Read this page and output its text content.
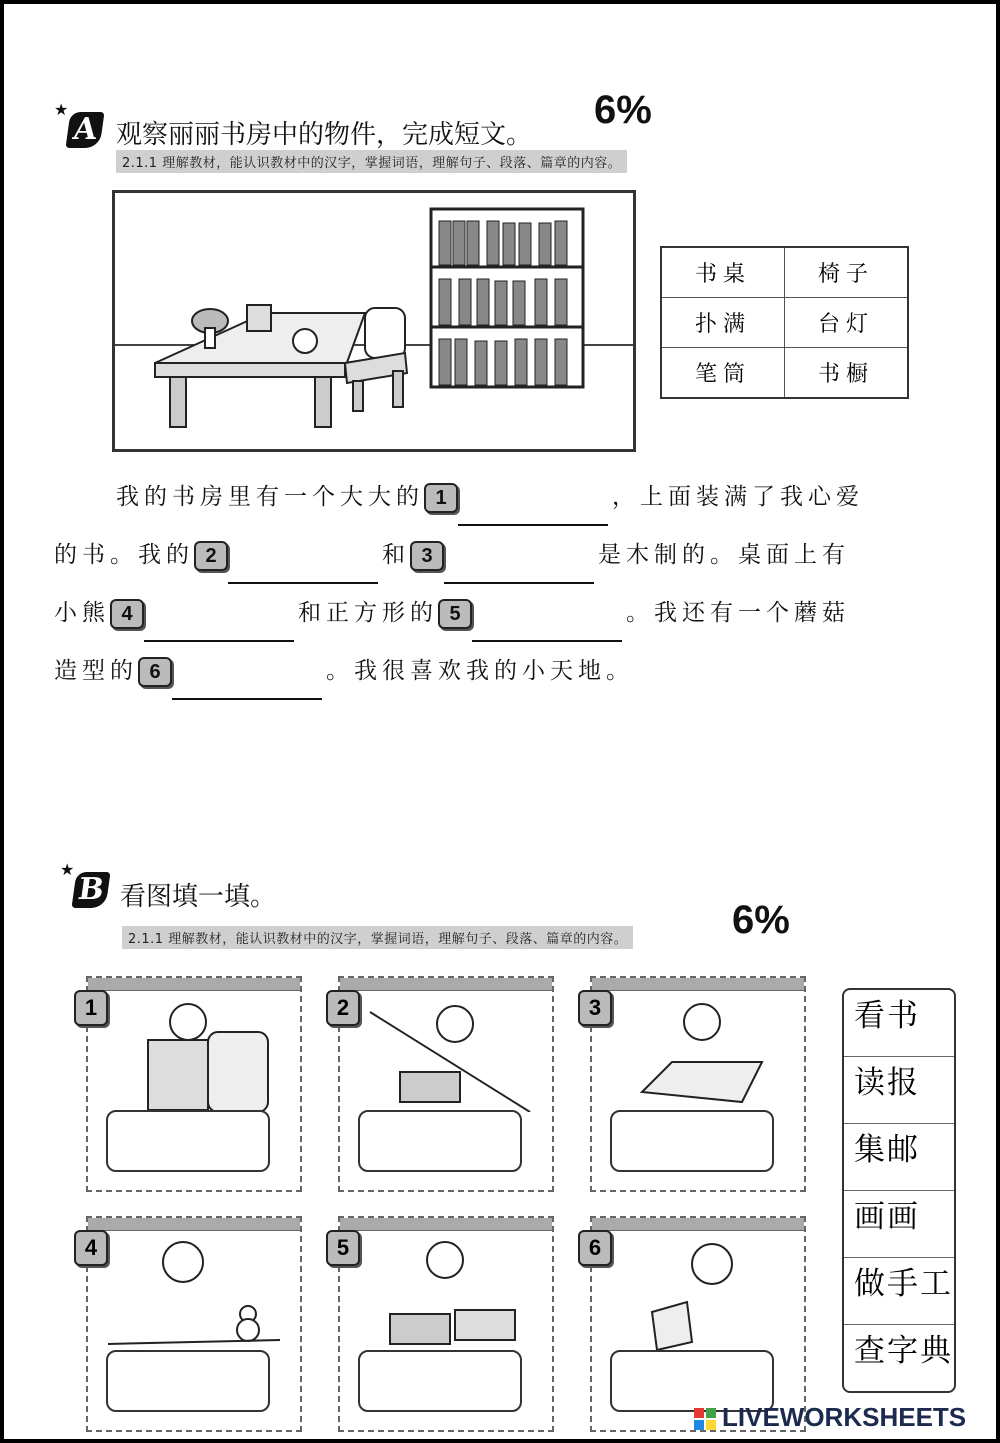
★
A 观察丽丽书房中的物件，完成短文。
6%
2.1.1 理解教材，能认识教材中的汉字，掌握词语，理解句子、段落、篇章的内容。
书桌	椅子
扑满	台灯
笔筒	书橱
我的书房里有一个大大的 1	，上面装满了我心爱
的书。我的 2	和 3	是木制的。桌面上有
小熊 4	和正方形的 5	。我还有一个蘑菇
造型的 6	。我很喜欢我的小天地。
★
B 看图填一填。
6%
2.1.1 理解教材，能认识教材中的汉字，掌握词语，理解句子、段落、篇章的内容。
1	2	3
4	5	6
看书
读报
集邮
画画
做手工
查字典
LIVEWORKSHEETS
